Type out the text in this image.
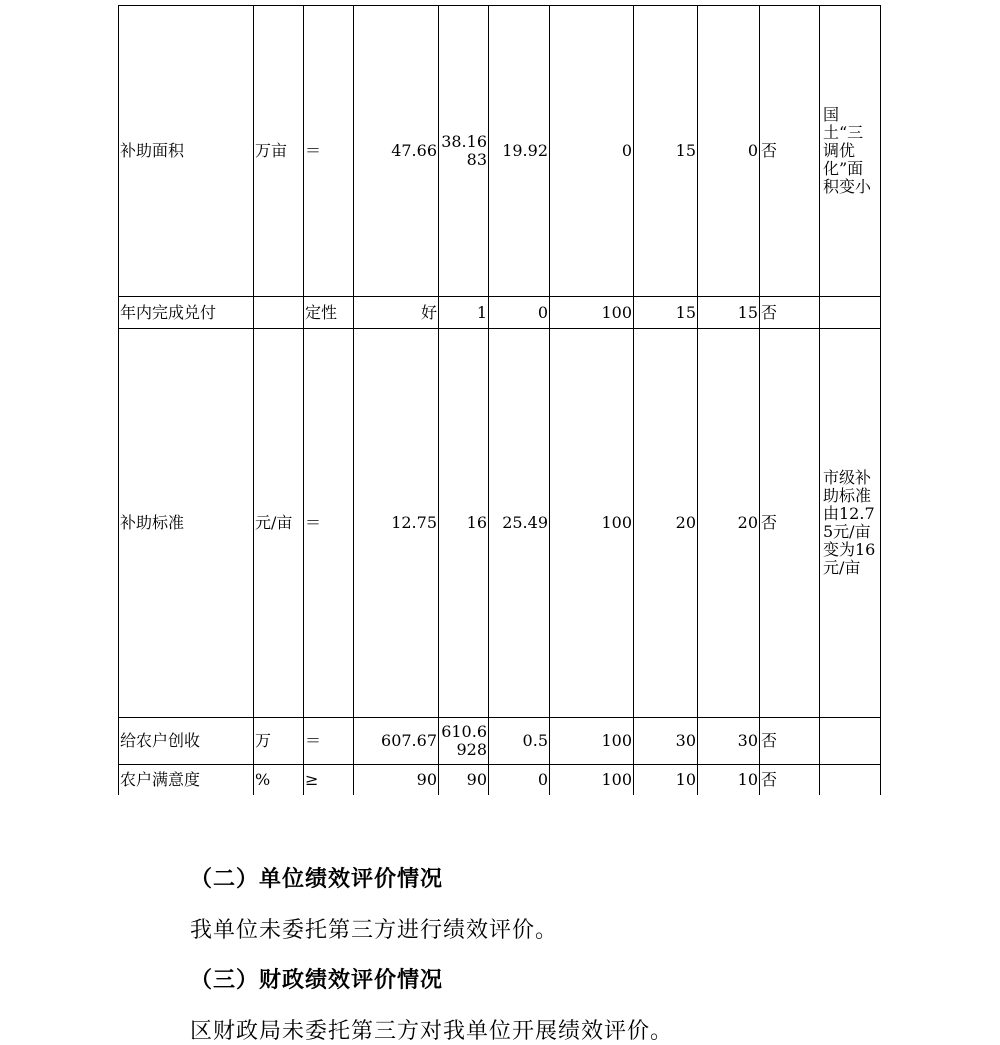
补助面积	万亩	＝	47.66	38.1683	19.92	0	15	0	否	国土“三调优化”面积变小
年内完成兑付		定性	好	1	0	100	15	15	否	
补助标准	元/亩	＝	12.75	16	25.49	100	20	20	否	市级补助标准由12.75元/亩变为16元/亩
给农户创收	万	＝	607.67	610.6928	0.5	100	30	30	否	
农户满意度	%	≥	90	90	0	100	10	10	否	
（二）单位绩效评价情况
我单位未委托第三方进行绩效评价。
（三）财政绩效评价情况
区财政局未委托第三方对我单位开展绩效评价。
